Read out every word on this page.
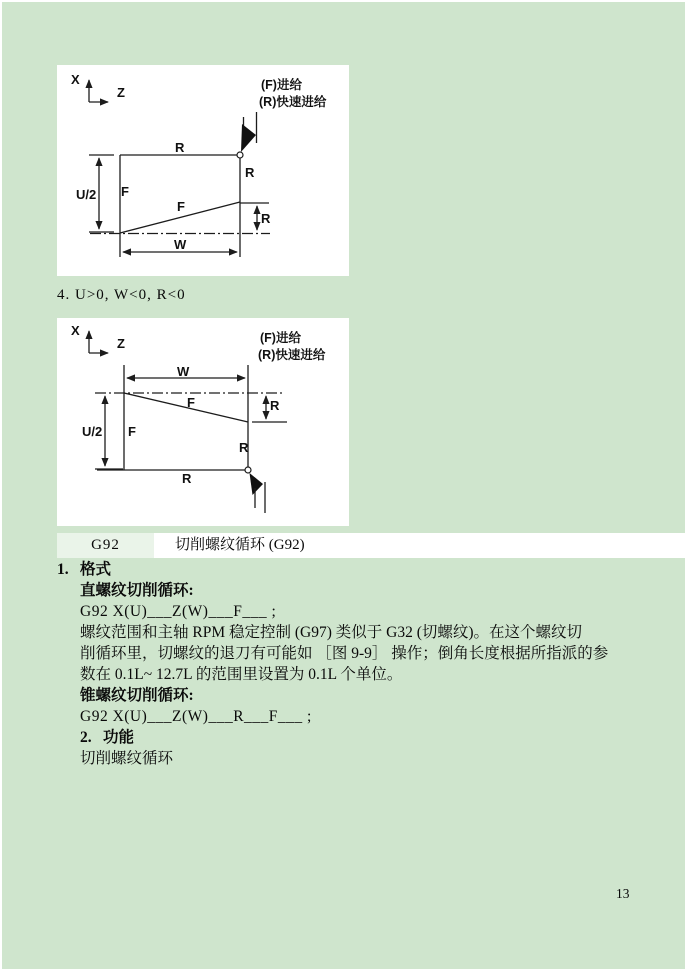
X
Z	(F)进给
(R)快速进给
R
R
F
F
U/2
R
W
4. U>0, W<0, R<0
X
Z	(F)进给
(R)快速进给
W
F	R
U/2 F
R
R
G92	切削螺纹循环 (G92)
1. 格式
直螺纹切削循环:
G92 X(U)___Z(W)___F___ ;
螺纹范围和主轴 RPM 稳定控制 (G97) 类似于 G32 (切螺纹)。在这个螺纹切
削循环里，切螺纹的退刀有可能如 ［图 9-9］ 操作；倒角长度根据所指派的参
数在 0.1L~ 12.7L 的范围里设置为 0.1L 个单位。
锥螺纹切削循环:
G92 X(U)___Z(W)___R___F___ ;
2. 功能
切削螺纹循环
13
